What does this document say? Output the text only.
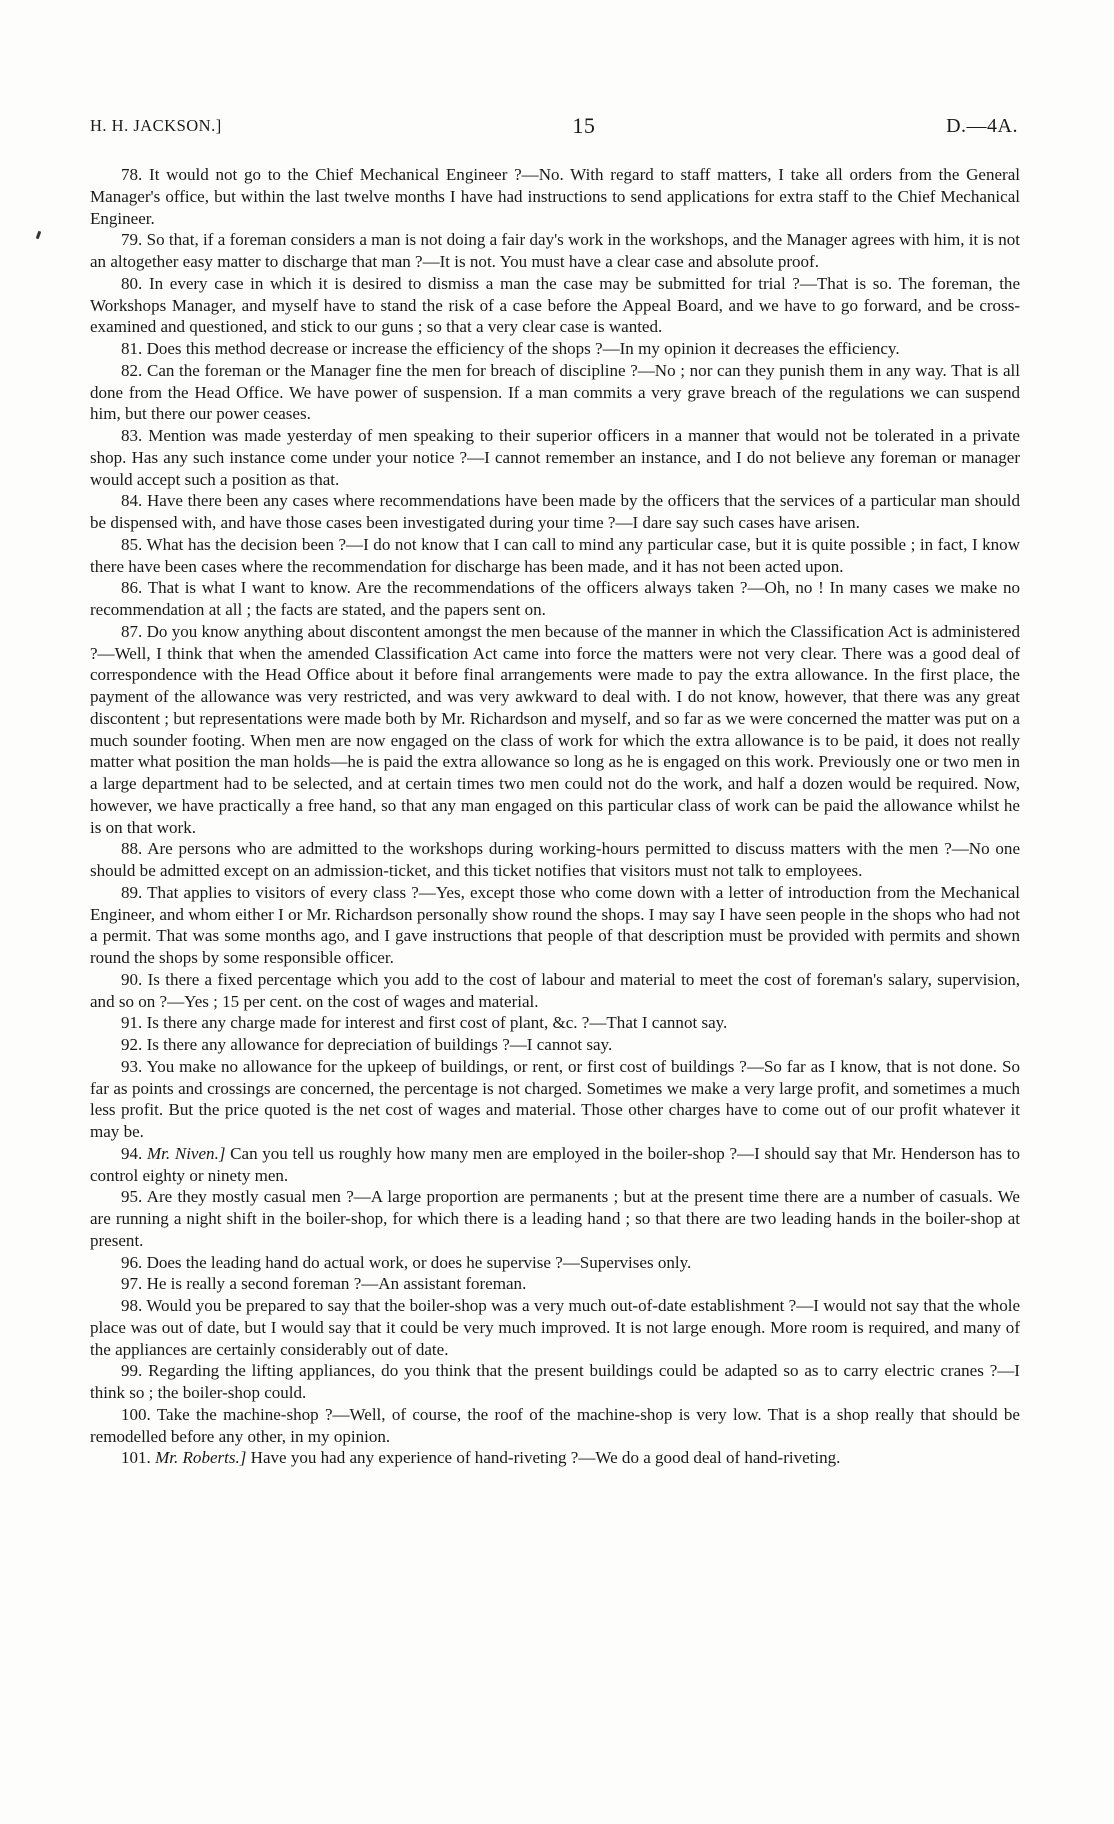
H. H. JACKSON.]	15	D.—4A.

78. It would not go to the Chief Mechanical Engineer ?—No. With regard to staff matters, I take all orders from the General Manager's office, but within the last twelve months I have had instructions to send applications for extra staff to the Chief Mechanical Engineer.

79. So that, if a foreman considers a man is not doing a fair day's work in the workshops, and the Manager agrees with him, it is not an altogether easy matter to discharge that man ?—It is not. You must have a clear case and absolute proof.

80. In every case in which it is desired to dismiss a man the case may be submitted for trial ?—That is so. The foreman, the Workshops Manager, and myself have to stand the risk of a case before the Appeal Board, and we have to go forward, and be cross-examined and questioned, and stick to our guns ; so that a very clear case is wanted.

81. Does this method decrease or increase the efficiency of the shops ?—In my opinion it decreases the efficiency.

82. Can the foreman or the Manager fine the men for breach of discipline ?—No ; nor can they punish them in any way. That is all done from the Head Office. We have power of suspension. If a man commits a very grave breach of the regulations we can suspend him, but there our power ceases.

83. Mention was made yesterday of men speaking to their superior officers in a manner that would not be tolerated in a private shop. Has any such instance come under your notice ?—I cannot remember an instance, and I do not believe any foreman or manager would accept such a position as that.

84. Have there been any cases where recommendations have been made by the officers that the services of a particular man should be dispensed with, and have those cases been investigated during your time ?—I dare say such cases have arisen.

85. What has the decision been ?—I do not know that I can call to mind any particular case, but it is quite possible ; in fact, I know there have been cases where the recommendation for discharge has been made, and it has not been acted upon.

86. That is what I want to know. Are the recommendations of the officers always taken ?—Oh, no ! In many cases we make no recommendation at all ; the facts are stated, and the papers sent on.

87. Do you know anything about discontent amongst the men because of the manner in which the Classification Act is administered ?—Well, I think that when the amended Classification Act came into force the matters were not very clear. There was a good deal of correspondence with the Head Office about it before final arrangements were made to pay the extra allowance. In the first place, the payment of the allowance was very restricted, and was very awkward to deal with. I do not know, however, that there was any great discontent ; but representations were made both by Mr. Richardson and myself, and so far as we were concerned the matter was put on a much sounder footing. When men are now engaged on the class of work for which the extra allowance is to be paid, it does not really matter what position the man holds—he is paid the extra allowance so long as he is engaged on this work. Previously one or two men in a large department had to be selected, and at certain times two men could not do the work, and half a dozen would be required. Now, however, we have practically a free hand, so that any man engaged on this particular class of work can be paid the allowance whilst he is on that work.

88. Are persons who are admitted to the workshops during working-hours permitted to discuss matters with the men ?—No one should be admitted except on an admission-ticket, and this ticket notifies that visitors must not talk to employees.

89. That applies to visitors of every class ?—Yes, except those who come down with a letter of introduction from the Mechanical Engineer, and whom either I or Mr. Richardson personally show round the shops. I may say I have seen people in the shops who had not a permit. That was some months ago, and I gave instructions that people of that description must be provided with permits and shown round the shops by some responsible officer.

90. Is there a fixed percentage which you add to the cost of labour and material to meet the cost of foreman's salary, supervision, and so on ?—Yes ; 15 per cent. on the cost of wages and material.

91. Is there any charge made for interest and first cost of plant, &c. ?—That I cannot say.

92. Is there any allowance for depreciation of buildings ?—I cannot say.

93. You make no allowance for the upkeep of buildings, or rent, or first cost of buildings ?—So far as I know, that is not done. So far as points and crossings are concerned, the percentage is not charged. Sometimes we make a very large profit, and sometimes a much less profit. But the price quoted is the net cost of wages and material. Those other charges have to come out of our profit whatever it may be.

94. Mr. Niven.] Can you tell us roughly how many men are employed in the boiler-shop ?—I should say that Mr. Henderson has to control eighty or ninety men.

95. Are they mostly casual men ?—A large proportion are permanents ; but at the present time there are a number of casuals. We are running a night shift in the boiler-shop, for which there is a leading hand ; so that there are two leading hands in the boiler-shop at present.

96. Does the leading hand do actual work, or does he supervise ?—Supervises only.

97. He is really a second foreman ?—An assistant foreman.

98. Would you be prepared to say that the boiler-shop was a very much out-of-date establishment ?—I would not say that the whole place was out of date, but I would say that it could be very much improved. It is not large enough. More room is required, and many of the appliances are certainly considerably out of date.

99. Regarding the lifting appliances, do you think that the present buildings could be adapted so as to carry electric cranes ?—I think so ; the boiler-shop could.

100. Take the machine-shop ?—Well, of course, the roof of the machine-shop is very low. That is a shop really that should be remodelled before any other, in my opinion.

101. Mr. Roberts.] Have you had any experience of hand-riveting ?—We do a good deal of hand-riveting.
